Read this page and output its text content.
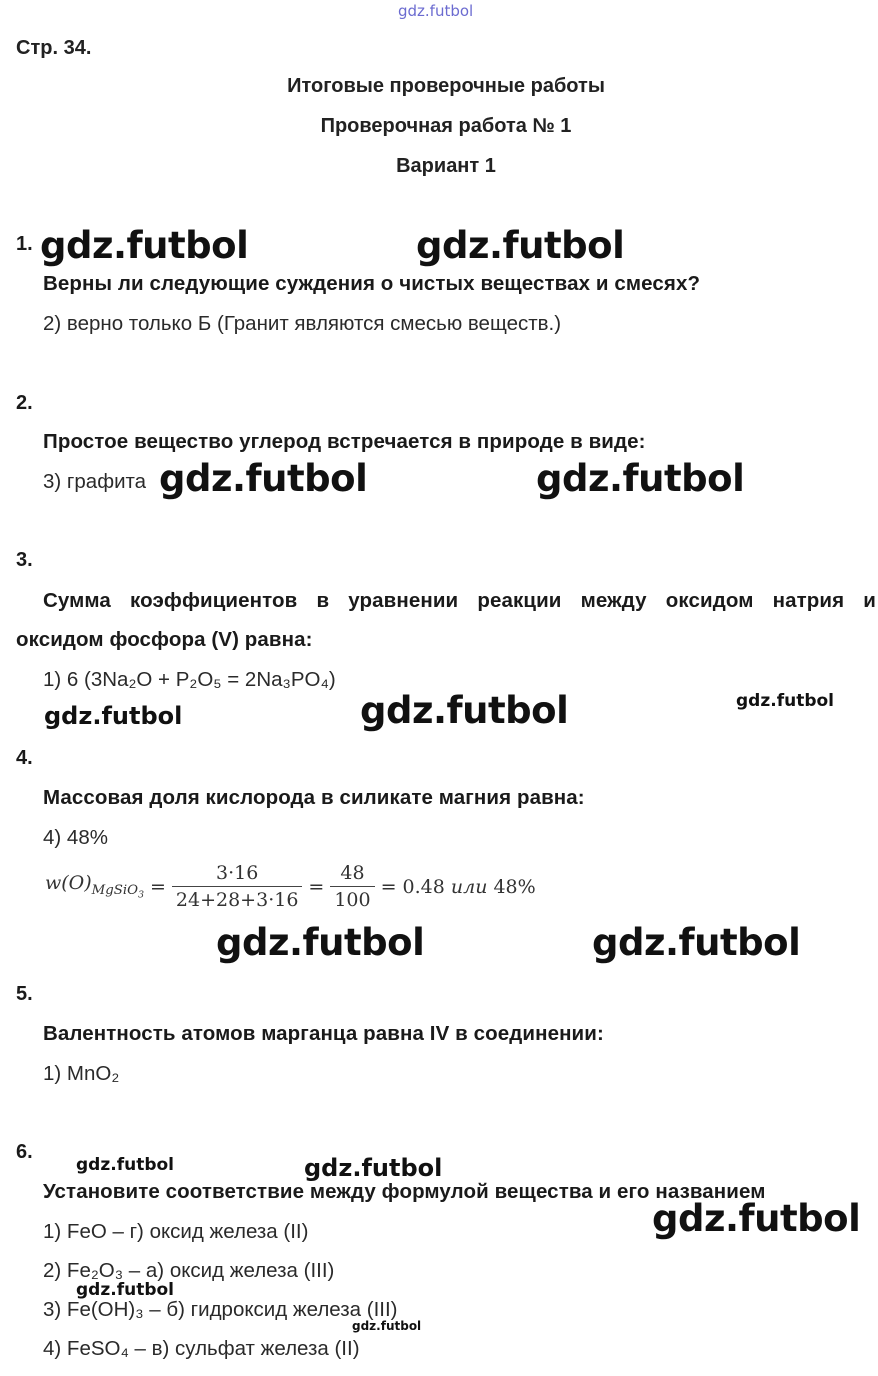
gdz.futbol
Стр. 34.
Итоговые проверочные работы
Проверочная работа № 1
Вариант 1
1.
Верны ли следующие суждения о чистых веществах и смесях?
2) верно только Б (Гранит являются смесью веществ.)
2.
Простое вещество углерод встречается в природе в виде:
3) графита
3.
Сумма коэффициентов в уравнении реакции между оксидом натрия и
оксидом фосфора (V) равна:
1) 6 (3Na₂O + P₂O₅ = 2Na₃PO₄)
4.
Массовая доля кислорода в силикате магния равна:
4) 48%
$w(O)_{MgSiO_3} = \frac{3\cdot 16}{24+28+3\cdot 16} = \frac{48}{100} = 0.48$ или 48%
5.
Валентность атомов марганца равна IV в соединении:
1) MnO₂
6.
Установите соответствие между формулой вещества и его названием
1) FeO – г) оксид железа (II)
2) Fe₂O₃ – а) оксид железа (III)
3) Fe(OH)₃ – б) гидроксид железа (III)
4) FeSO₄ – в) сульфат железа (II)
gdz.futbol	gdz.futbol
gdz.futbol	gdz.futbol
gdz.futbol	gdz.futbol	gdz.futbol
gdz.futbol	gdz.futbol
gdz.futbol	gdz.futbol
gdz.futbol
gdz.futbol
gdz.futbol
